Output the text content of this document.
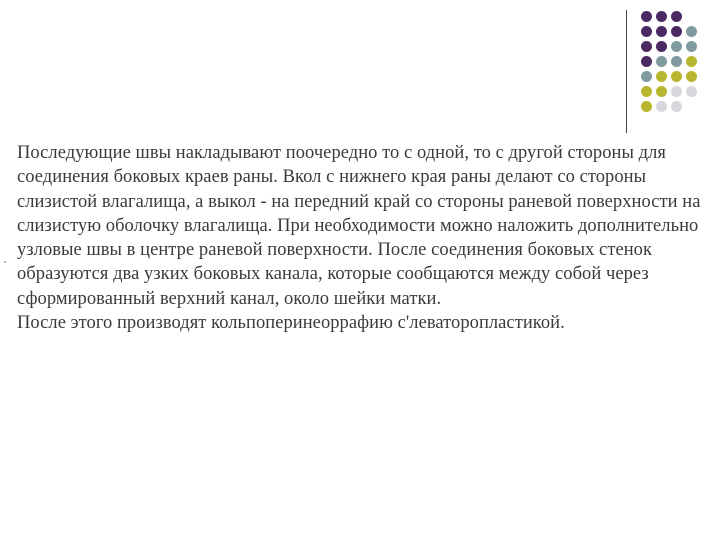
Последующие швы накладывают поочередно то с одной, то с другой стороны для соединения боковых краев раны. Вкол с нижнего края раны делают со стороны слизистой влагалища, а выкол - на передний край со стороны раневой поверхности на слизистую оболочку влагалища. При необходимости можно наложить дополнительно узловые швы в центре раневой поверхности. После соединения боковых стенок образуются два узких боковых канала, которые сообщаются между собой через сформированный верхний канал, около шейки матки.

После этого производят кольпоперинеоррафию с'леваторопластикой.
